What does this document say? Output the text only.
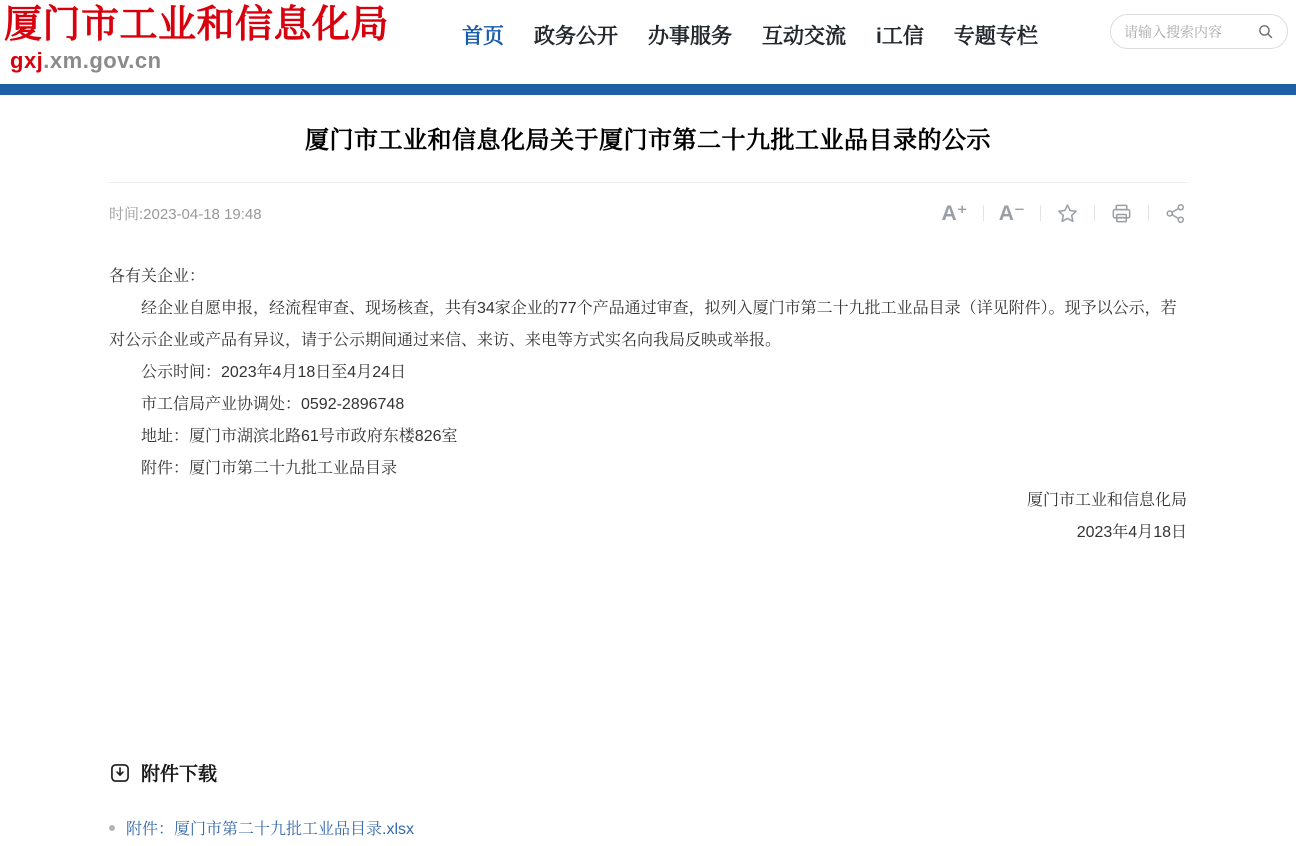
厦门市工业和信息化局
gxj.xm.gov.cn
首页 政务公开 办事服务 互动交流 i工信 专题专栏
请输入搜索内容
厦门市工业和信息化局关于厦门市第二十九批工业品目录的公示
时间:2023-04-18 19:48	A⁺ A⁻

各有关企业：

经企业自愿申报，经流程审查、现场核查，共有34家企业的77个产品通过审查，拟列入厦门市第二十九批工业品目录（详见附件）。现予以公示，若对公示企业或产品有异议，请于公示期间通过来信、来访、来电等方式实名向我局反映或举报。

公示时间：2023年4月18日至4月24日

市工信局产业协调处：0592-2896748

地址：厦门市湖滨北路61号市政府东楼826室

附件：厦门市第二十九批工业品目录

厦门市工业和信息化局

2023年4月18日

附件下载
附件：厦门市第二十九批工业品目录.xlsx
